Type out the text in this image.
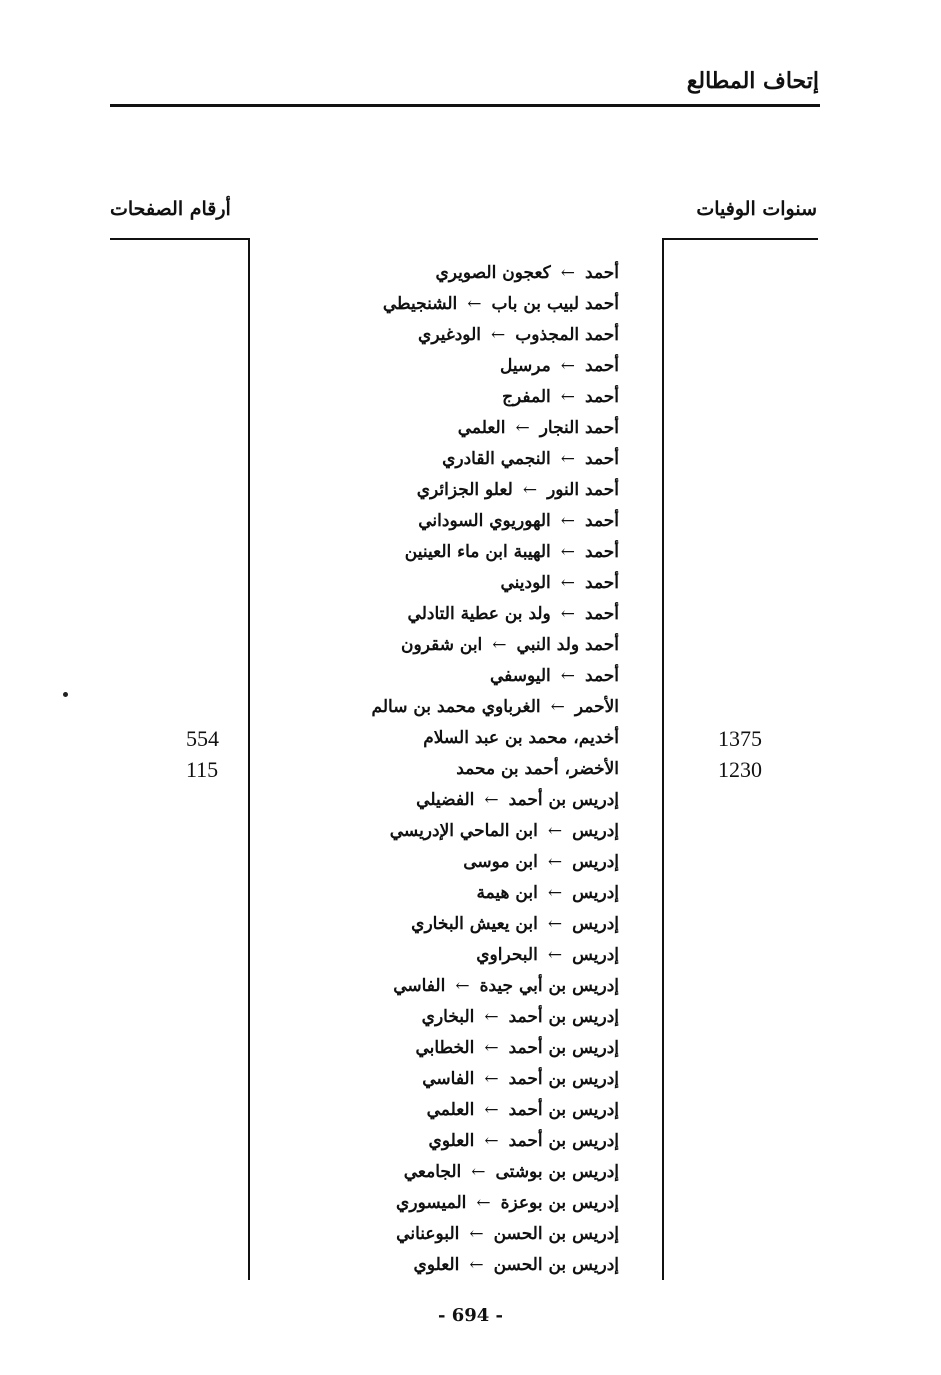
إتحاف المطالع
سنوات الوفيات
أرقام الصفحات
أحمد←كعجون الصويري
أحمد لبيب بن باب←الشنجيطي
أحمد المجذوب←الودغيري
أحمد←مرسيل
أحمد←المفرج
أحمد النجار←العلمي
أحمد←النجمي القادري
أحمد النور←لعلو الجزائري
أحمد←الهوريوي السوداني
أحمد←الهيبة ابن ماء العينين
أحمد←الوديني
أحمد←ولد بن عطية التادلي
أحمد ولد النبي←ابن شقرون
أحمد←اليوسفي
الأحمر←الغرباوي محمد بن سالم
أخديم، محمد بن عبد السلام
الأخضر، أحمد بن محمد
إدريس بن أحمد←الفضيلي
إدريس←ابن الماحي الإدريسي
إدريس←ابن موسى
إدريس←ابن هيمة
إدريس←ابن يعيش البخاري
إدريس←البحراوي
إدريس بن أبي جيدة←الفاسي
إدريس بن أحمد←البخاري
إدريس بن أحمد←الخطابي
إدريس بن أحمد←الفاسي
إدريس بن أحمد←العلمي
إدريس بن أحمد←العلوي
إدريس بن بوشتى←الجامعي
إدريس بن بوعزة←الميسوري
إدريس بن الحسن←البوعناني
إدريس بن الحسن←العلوي
1375
554
1230
115
- 694 -
